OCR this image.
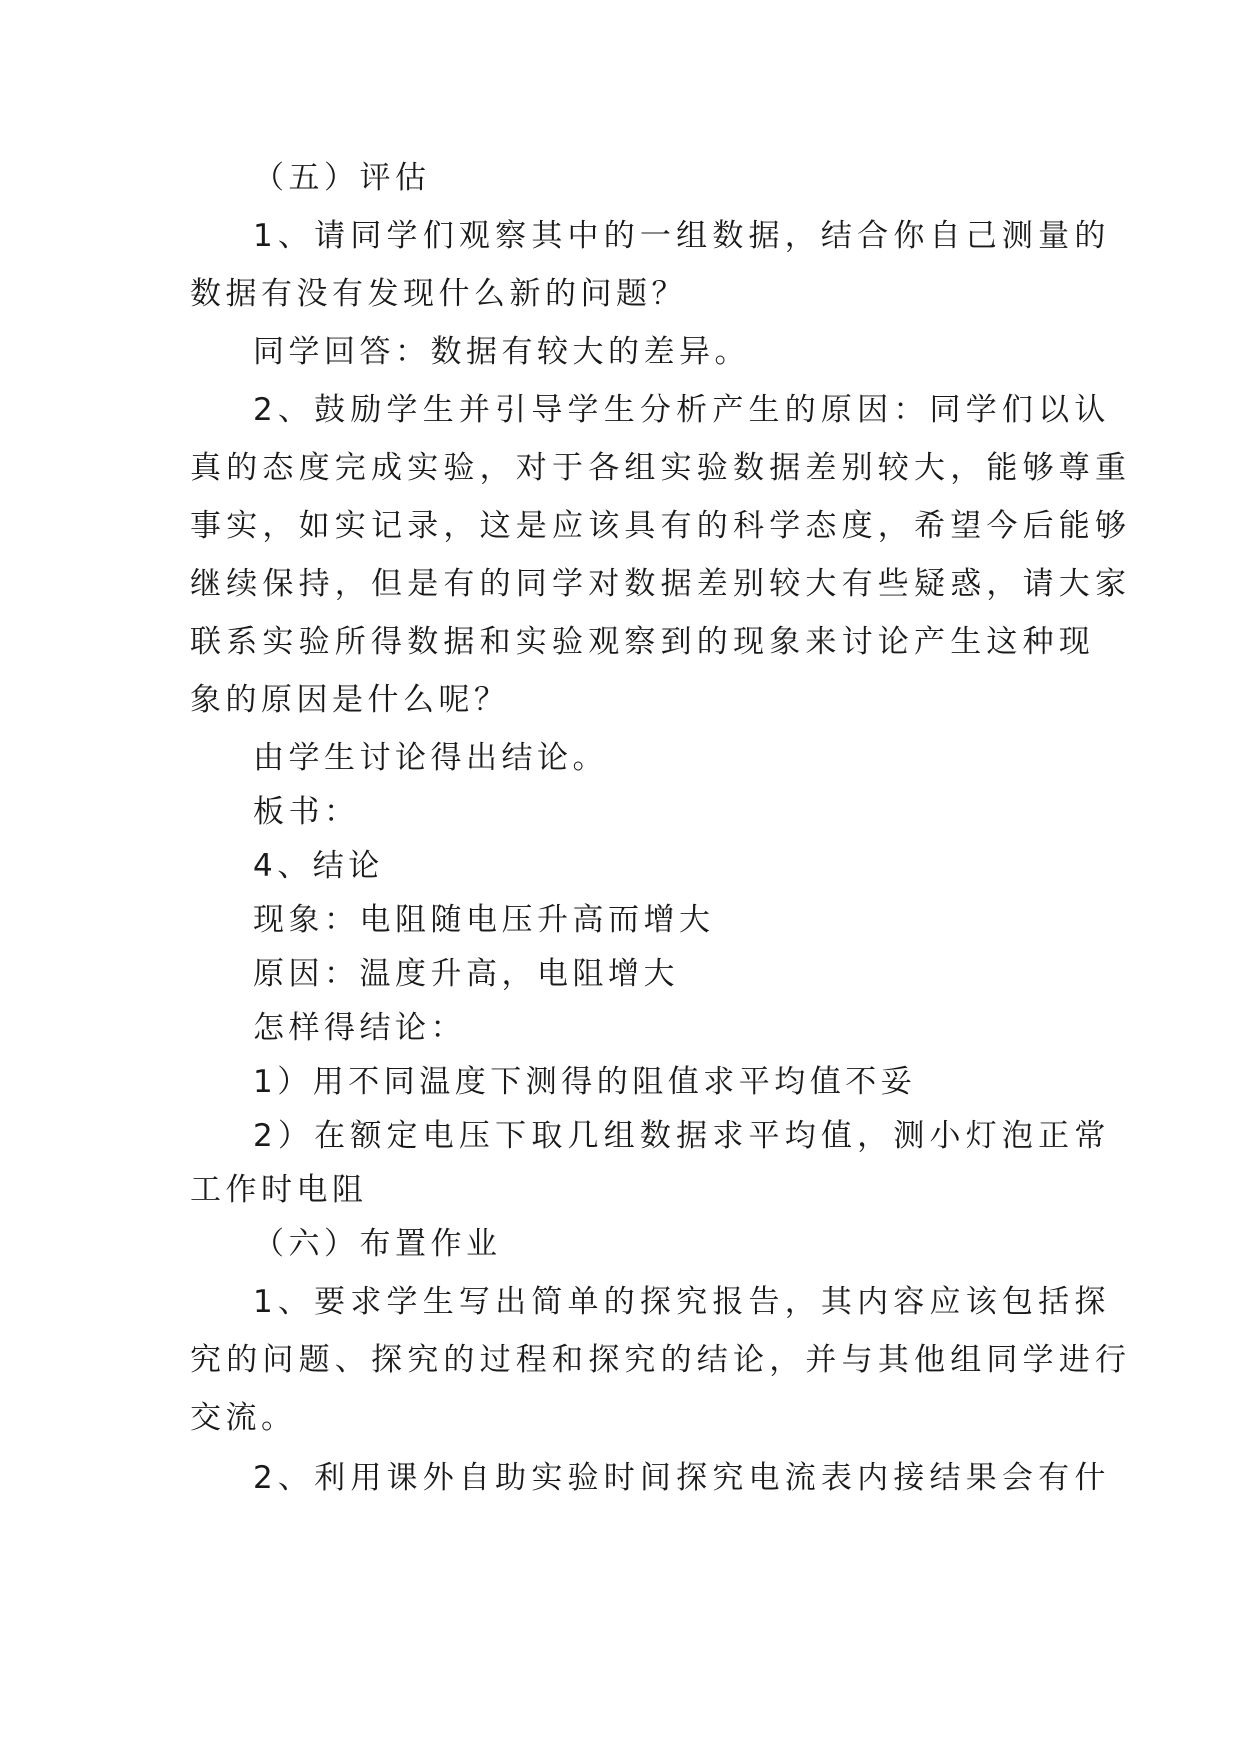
（五）评估
1、请同学们观察其中的一组数据，结合你自己测量的
数据有没有发现什么新的问题？
同学回答：数据有较大的差异。
2、鼓励学生并引导学生分析产生的原因：同学们以认
真的态度完成实验，对于各组实验数据差别较大，能够尊重
事实，如实记录，这是应该具有的科学态度，希望今后能够
继续保持，但是有的同学对数据差别较大有些疑惑，请大家
联系实验所得数据和实验观察到的现象来讨论产生这种现
象的原因是什么呢？
由学生讨论得出结论。
板书：
4、结论
现象：电阻随电压升高而增大
原因：温度升高，电阻增大
怎样得结论：
1）用不同温度下测得的阻值求平均值不妥
2）在额定电压下取几组数据求平均值，测小灯泡正常
工作时电阻
（六）布置作业
1、要求学生写出简单的探究报告，其内容应该包括探
究的问题、探究的过程和探究的结论，并与其他组同学进行
交流。
2、利用课外自助实验时间探究电流表内接结果会有什
